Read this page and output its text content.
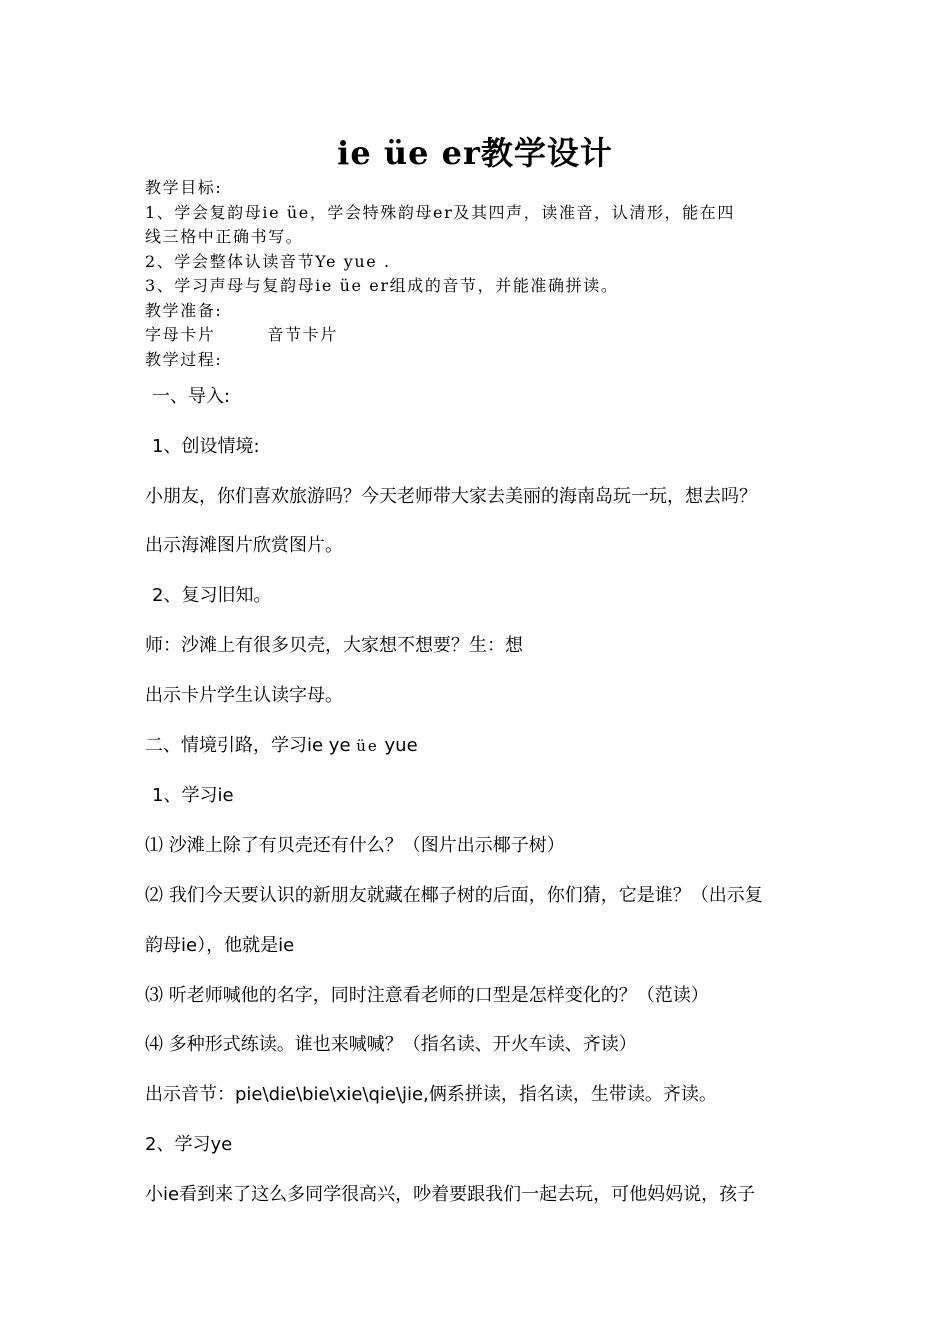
ie üe er教学设计

教学目标:

1、学会复韵母ie üe，学会特殊韵母er及其四声，读准音，认清形，能在四

线三格中正确书写。

2、学会整体认读音节Ye yue .

3、学习声母与复韵母ie üe er组成的音节，并能准确拼读。

教学准备:

字母卡片	音节卡片

教学过程:

一、导入:

1、创设情境:

小朋友，你们喜欢旅游吗？今天老师带大家去美丽的海南岛玩一玩，想去吗？

出示海滩图片欣赏图片。

2、复习旧知。

师：沙滩上有很多贝壳，大家想不想要？生：想

出示卡片学生认读字母。

二、情境引路，学习ie ye üe yue

1、学习ie

⑴ 沙滩上除了有贝壳还有什么？（图片出示椰子树）

⑵ 我们今天要认识的新朋友就藏在椰子树的后面，你们猜，它是谁？（出示复

韵母ie），他就是ie

⑶ 听老师喊他的名字，同时注意看老师的口型是怎样变化的？（范读）

⑷ 多种形式练读。谁也来喊喊？（指名读、开火车读、齐读）

出示音节：pie\die\bie\xie\qie\jie,俩系拼读，指名读，生带读。齐读。

2、学习ye

小ie看到来了这么多同学很高兴，吵着要跟我们一起去玩，可他妈妈说，孩子
